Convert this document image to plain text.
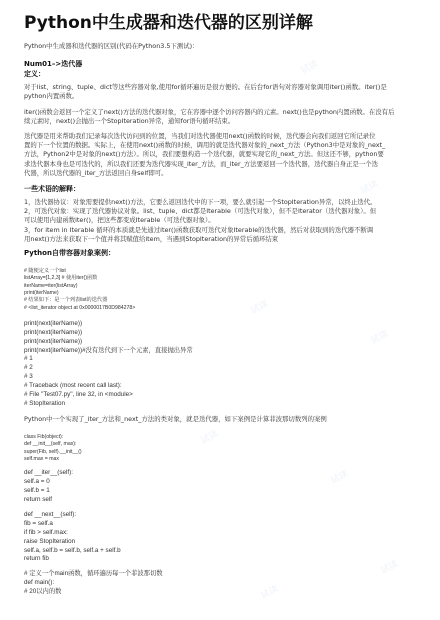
Python中生成器和迭代器的区别详解

Python中生成器和迭代器的区别(代码在Python3.5下测试)：

Num01–>迭代器

定义：

对于list、string、tuple、dict等这些容器对象,使用for循环遍历是很方便的。在后台for语句对容器对象调用iter()函数。iter()是

python内置函数。

iter()函数会返回一个定义了next()方法的迭代器对象，它在容器中逐个访问容器内的元素。next()也是python内置函数。在没有后

续元素时，next()会抛出一个StopIteration异常，通知for语句循环结束。

迭代器是用来帮助我们记录每次迭代访问到的位置，当我们对迭代器使用next()函数的时候，迭代器会向我们返回它所记录位

置的下一个位置的数据。实际上，在使用next()函数的时候，调用的就是迭代器对象的_next_方法（Python3中是对象的_next_

方法，Python2中是对象的next()方法）。所以，我们要想构造一个迭代器，就要实现它的_next_方法。但这还不够，python要

求迭代器本身也是可迭代的，所以我们还要为迭代器实现_iter_方法，而_iter_方法要返回一个迭代器，迭代器自身正是一个迭

代器，所以迭代器的_iter_方法返回自身self即可。

一些术语的解释：

1，迭代器协议：对象需要提供next()方法，它要么返回迭代中的下一项，要么就引起一个StopIteration异常，以终止迭代。

2，可迭代对象：实现了迭代器协议对象。list、tuple、dict都是Iterable（可迭代对象），但不是Iterator（迭代器对象）。但

可以使用内建函数iter()，把这些都变成Iterable（可迭代器对象）。

3，for item in Iterable 循环的本质就是先通过iter()函数获取可迭代对象Iterable的迭代器，然后对获取到的迭代器不断调

用next()方法来获取下一个值并将其赋值给item，当遇到StopIteration的异常后循环结束

Python自带容器对象案例：

# 随便定义一个list

listArray=[1,2,3] # 使用iter()函数

iterName=iter(listArray)

print(iterName)

# 结果如下：是一个列表list的迭代器

# <list_iterator object at 0x0000017B0D984278>

print(next(iterName))

print(next(iterName))

print(next(iterName))

print(next(iterName))#没有迭代到下一个元素，直接抛出异常

# 1

# 2

# 3

# Traceback (most recent call last):

# File "Test07.py", line 32, in <module>

# StopIteration

Python中一个实现了_iter_方法和_next_方法的类对象，就是迭代器，如下案例是计算菲波那切数列的案例

class Fib(object):

def __init__(self, max):

super(Fib, self).__init__()

self.max = max

def __iter__(self):

self.a = 0

self.b = 1

return self

def __next__(self):

fib = self.a

if fib > self.max:

raise StopIteration

self.a, self.b = self.b, self.a + self.b

return fib

# 定义一个main函数，循环遍历每一个菲波那切数

def main():

# 20以内的数

试读
试读
试读
试读
试读
试读
试读
试读
